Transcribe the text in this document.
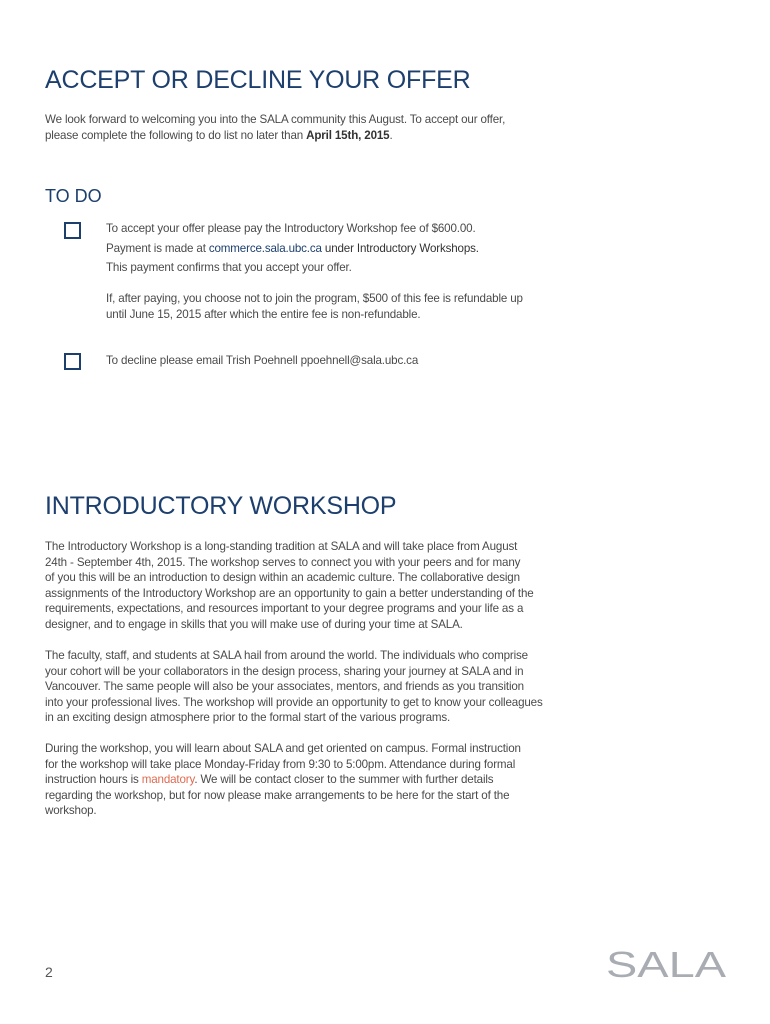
ACCEPT OR DECLINE YOUR OFFER

We look forward to welcoming you into the SALA community this August. To accept our offer,
please complete the following to do list no later than April 15th, 2015.

TO DO

To accept your offer please pay the Introductory Workshop fee of $600.00.
Payment is made at commerce.sala.ubc.ca under Introductory Workshops.
This payment confirms that you accept your offer.

If, after paying, you choose not to join the program, $500 of this fee is refundable up
until June 15, 2015 after which the entire fee is non-refundable.

To decline please email Trish Poehnell ppoehnell@sala.ubc.ca

INTRODUCTORY WORKSHOP

The Introductory Workshop is a long-standing tradition at SALA and will take place from August
24th - September 4th, 2015. The workshop serves to connect you with your peers and for many
of you this will be an introduction to design within an academic culture. The collaborative design
assignments of the Introductory Workshop are an opportunity to gain a better understanding of the
requirements, expectations, and resources important to your degree programs and your life as a
designer, and to engage in skills that you will make use of during your time at SALA.

The faculty, staff, and students at SALA hail from around the world. The individuals who comprise
your cohort will be your collaborators in the design process, sharing your journey at SALA and in
Vancouver. The same people will also be your associates, mentors, and friends as you transition
into your professional lives. The workshop will provide an opportunity to get to know your colleagues
in an exciting design atmosphere prior to the formal start of the various programs.

During the workshop, you will learn about SALA and get oriented on campus. Formal instruction
for the workshop will take place Monday-Friday from 9:30 to 5:00pm. Attendance during formal
instruction hours is mandatory. We will be contact closer to the summer with further details
regarding the workshop, but for now please make arrangements to be here for the start of the
workshop.

2	SALA
